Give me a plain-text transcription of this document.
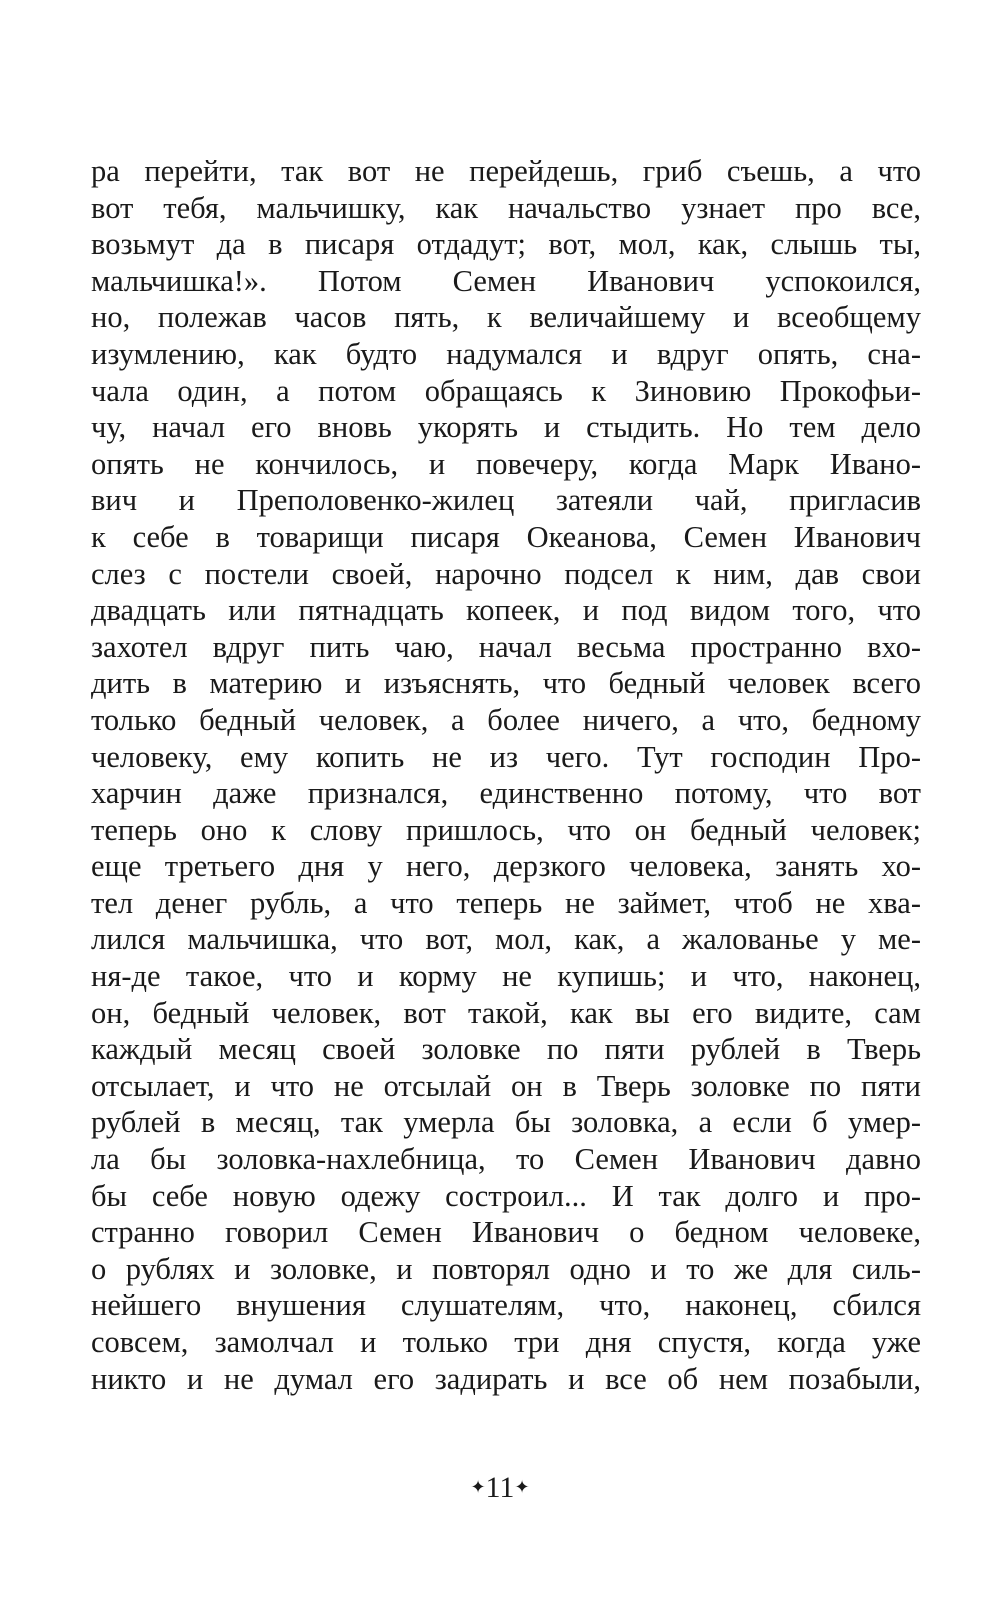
ра перейти, так вот не перейдешь, гриб съешь, а что
вот тебя, мальчишку, как начальство узнает про все,
возьмут да в писаря отдадут; вот, мол, как, слышь ты,
мальчишка!». Потом Семен Иванович успокоился,
но, полежав часов пять, к величайшему и всеобщему
изумлению, как будто надумался и вдруг опять, сна-
чала один, а потом обращаясь к Зиновию Прокофьи-
чу, начал его вновь укорять и стыдить. Но тем дело
опять не кончилось, и повечеру, когда Марк Ивано-
вич и Преполовенко-жилец затеяли чай, пригласив
к себе в товарищи писаря Океанова, Семен Иванович
слез с постели своей, нарочно подсел к ним, дав свои
двадцать или пятнадцать копеек, и под видом того, что
захотел вдруг пить чаю, начал весьма пространно вхо-
дить в материю и изъяснять, что бедный человек всего
только бедный человек, а более ничего, а что, бедному
человеку, ему копить не из чего. Тут господин Про-
харчин даже признался, единственно потому, что вот
теперь оно к слову пришлось, что он бедный человек;
еще третьего дня у него, дерзкого человека, занять хо-
тел денег рубль, а что теперь не займет, чтоб не хва-
лился мальчишка, что вот, мол, как, а жалованье у ме-
ня-де такое, что и корму не купишь; и что, наконец,
он, бедный человек, вот такой, как вы его видите, сам
каждый месяц своей золовке по пяти рублей в Тверь
отсылает, и что не отсылай он в Тверь золовке по пяти
рублей в месяц, так умерла бы золовка, а если б умер-
ла бы золовка-нахлебница, то Семен Иванович давно
бы себе новую одежу состроил... И так долго и про-
странно говорил Семен Иванович о бедном человеке,
о рублях и золовке, и повторял одно и то же для силь-
нейшего внушения слушателям, что, наконец, сбился
совсем, замолчал и только три дня спустя, когда уже
никто и не думал его задирать и все об нем позабыли,
✦11✦
